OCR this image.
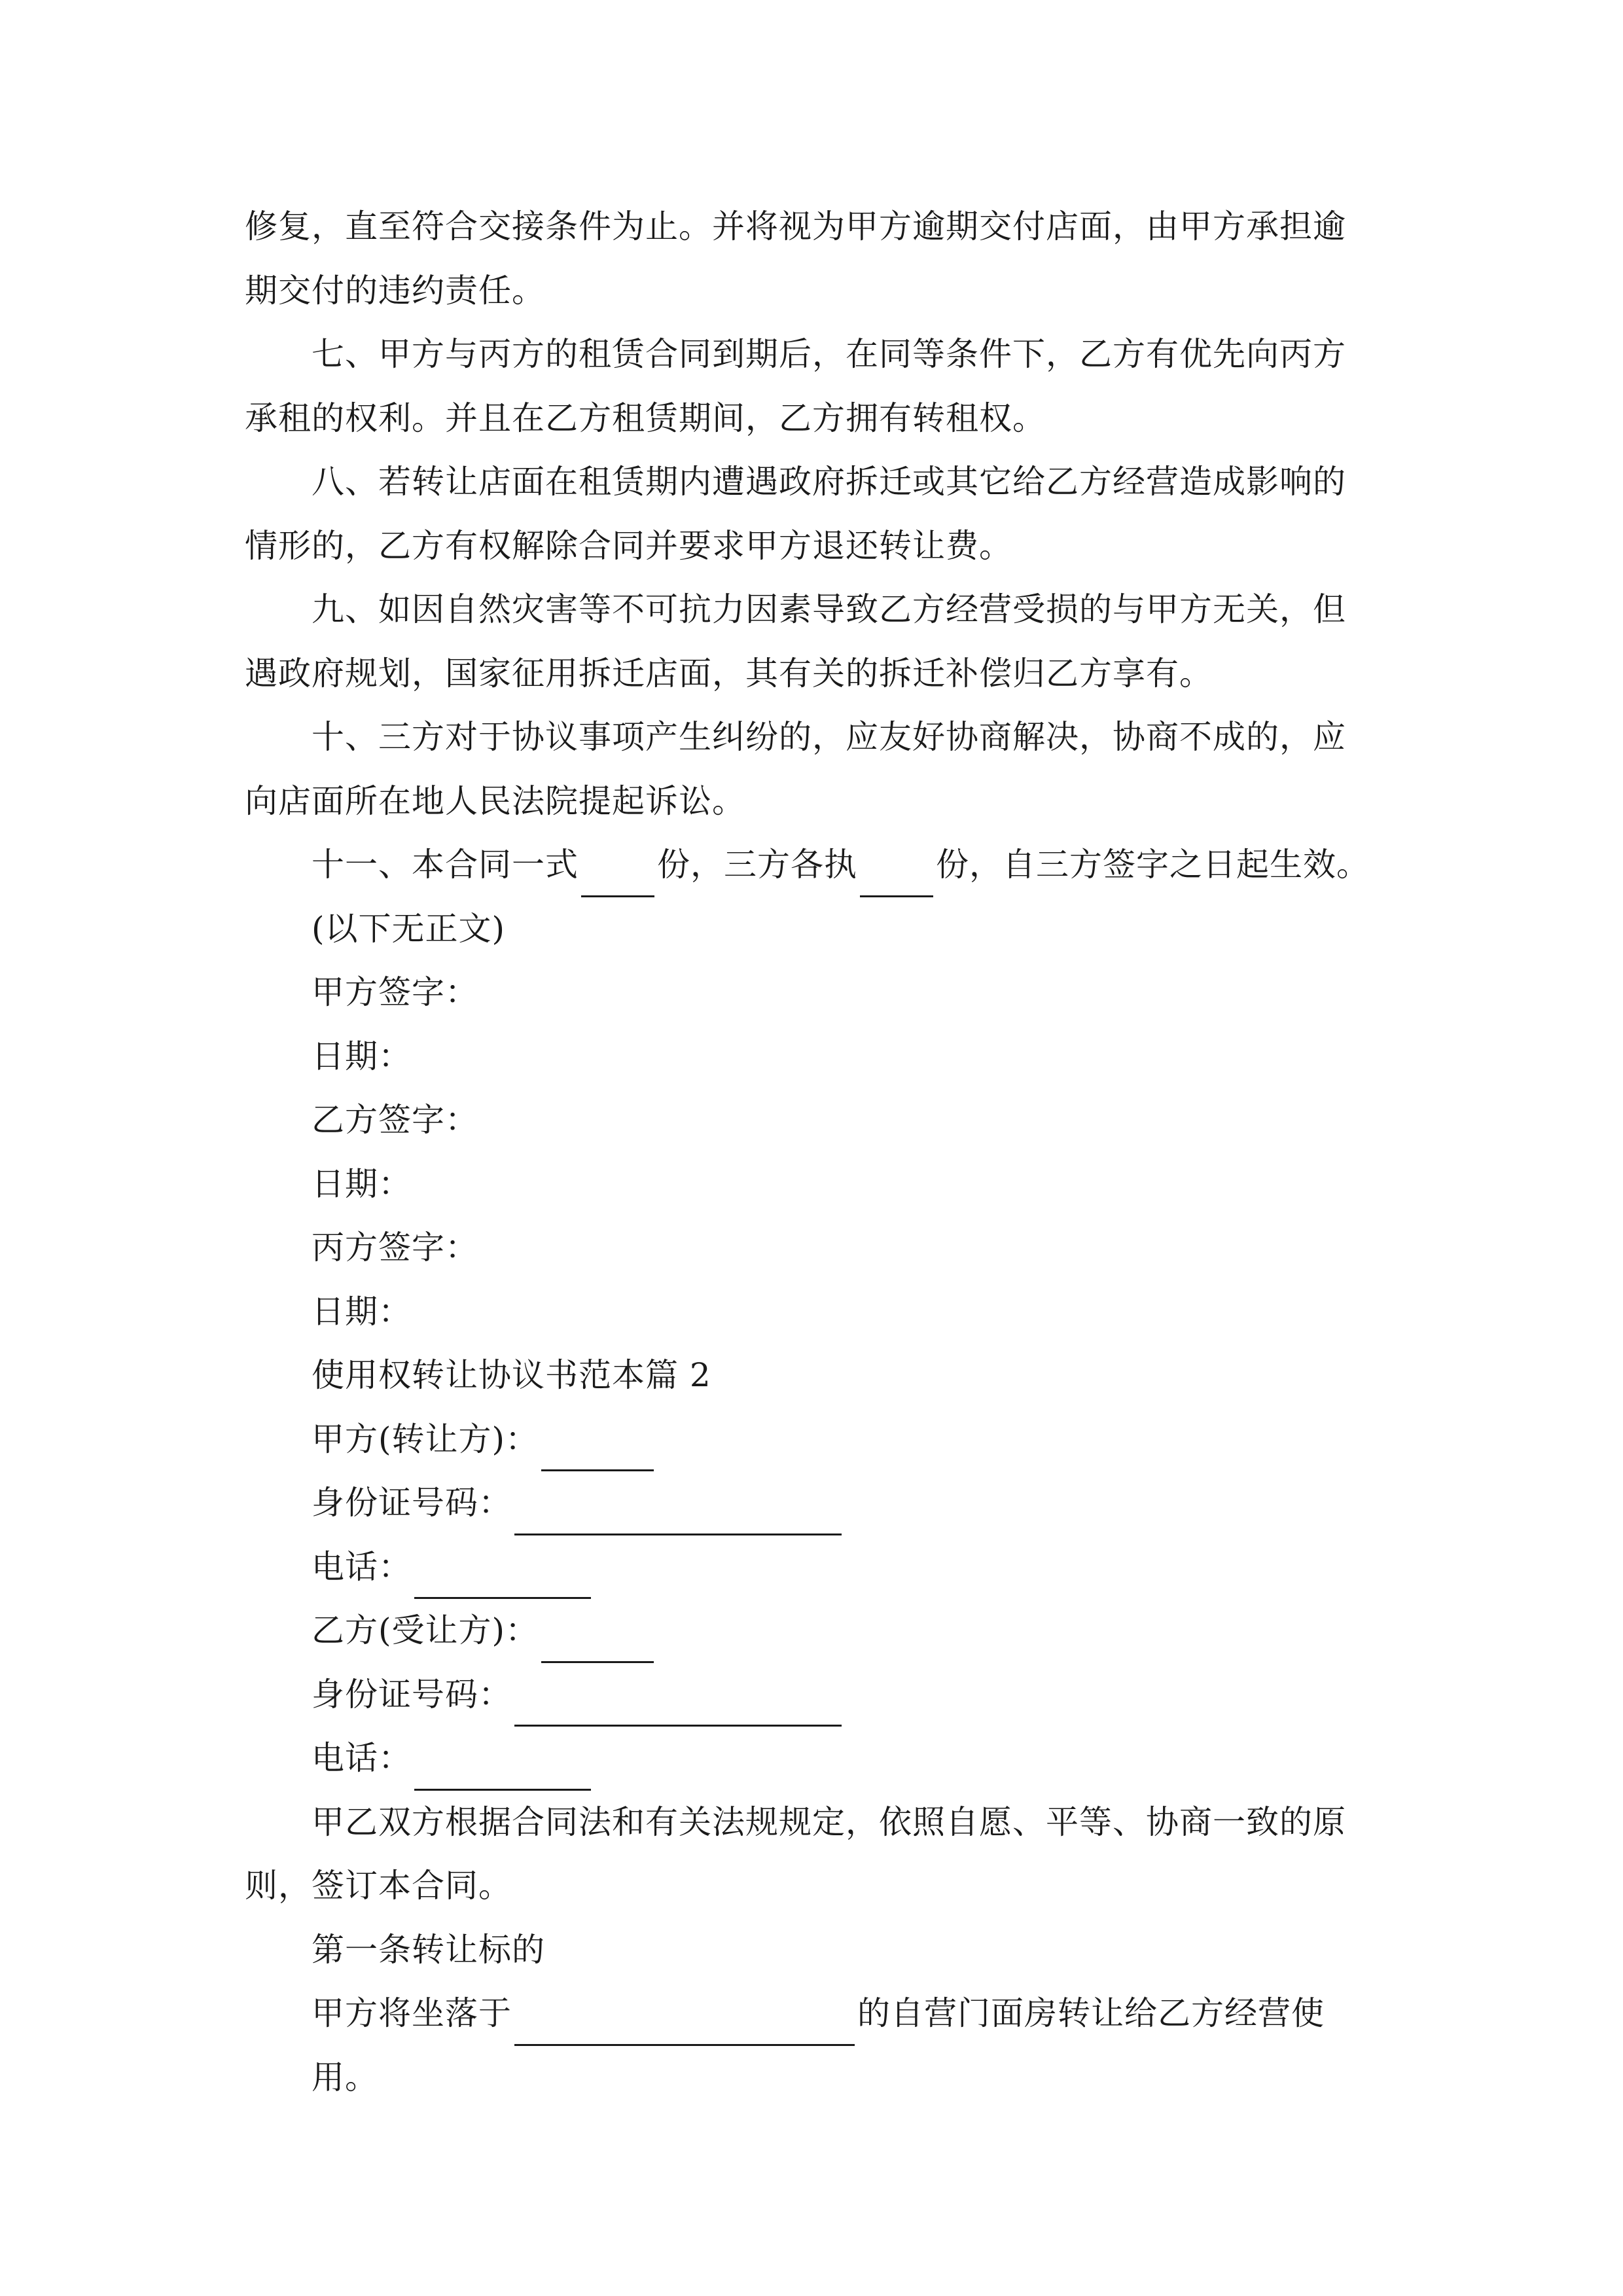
修复，直至符合交接条件为止。并将视为甲方逾期交付店面，由甲方承担逾期交付的违约责任。

七、甲方与丙方的租赁合同到期后，在同等条件下，乙方有优先向丙方承租的权利。并且在乙方租赁期间，乙方拥有转租权。

八、若转让店面在租赁期内遭遇政府拆迁或其它给乙方经营造成影响的情形的，乙方有权解除合同并要求甲方退还转让费。

九、如因自然灾害等不可抗力因素导致乙方经营受损的与甲方无关，但遇政府规划，国家征用拆迁店面，其有关的拆迁补偿归乙方享有。

十、三方对于协议事项产生纠纷的，应友好协商解决，协商不成的，应向店面所在地人民法院提起诉讼。

十一、本合同一式 份，三方各执 份，自三方签字之日起生效。

(以下无正文)

甲方签字：

日期：

乙方签字：

日期：

丙方签字：

日期：

使用权转让协议书范本篇 2

甲方(转让方)：

身份证号码：

电话：

乙方(受让方)：

身份证号码：

电话：

甲乙双方根据合同法和有关法规规定，依照自愿、平等、协商一致的原则，签订本合同。

第一条转让标的

甲方将坐落于	的自营门面房转让给乙方经营使用。
